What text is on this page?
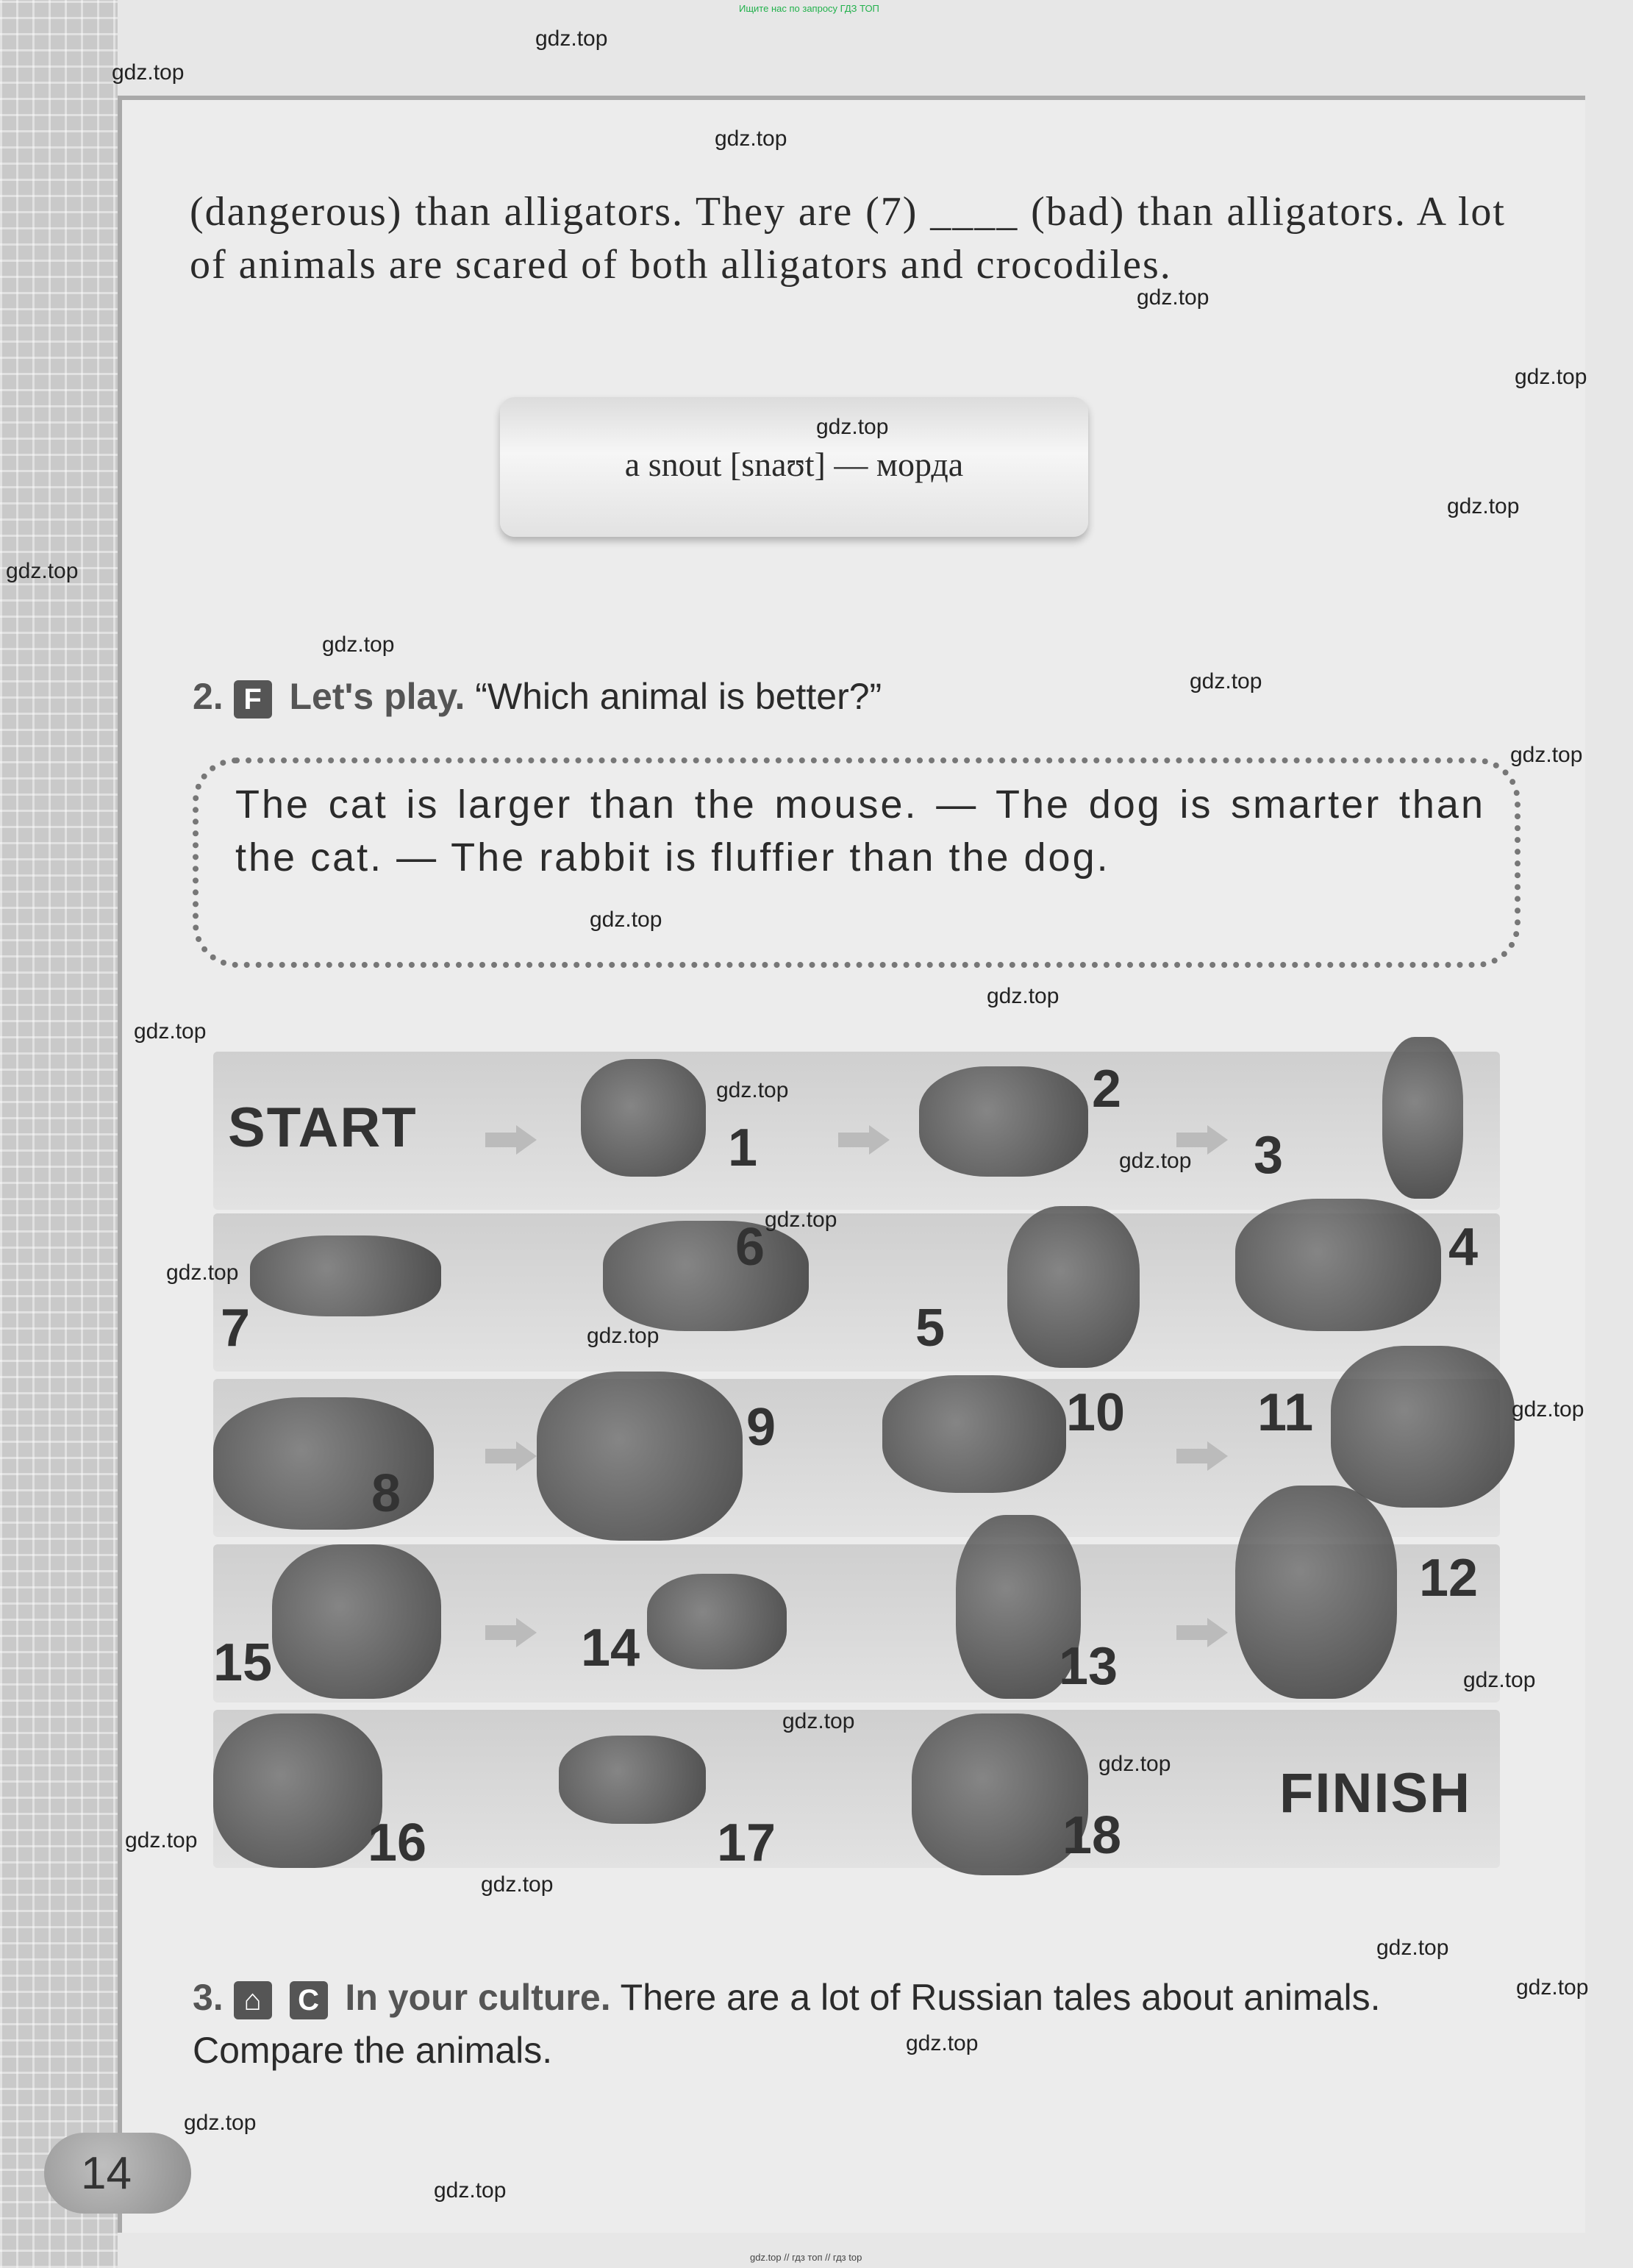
Ищите нас по запросу ГДЗ ТОП
gdz.top // гдз топ // гдз top
(dangerous) than alligators. They are (7) ____ (bad) than alligators. A lot of animals are scared of both alligators and crocodiles.
a snout [snaʊt] — морда
2. F Let's play. “Which animal is better?”
The cat is larger than the mouse. — The dog is smarter than the cat. — The rabbit is fluffier than the dog.
START
FINISH
1
2
3
4
5
6
7
8
9	10 11
12
13
14
15
16	17	18
3. ⌂ C In your culture. There are a lot of Russian tales about animals. Compare the animals.
14
gdz.top
gdz.top
gdz.top
gdz.top
gdz.top
gdz.top
gdz.top
gdz.top
gdz.top
gdz.top
gdz.top
gdz.top
gdz.top
gdz.top
gdz.top
gdz.top
gdz.top
gdz.top
gdz.top
gdz.top
gdz.top
gdz.top
gdz.top
gdz.top
gdz.top
gdz.top
gdz.top
gdz.top
gdz.top
gdz.top
